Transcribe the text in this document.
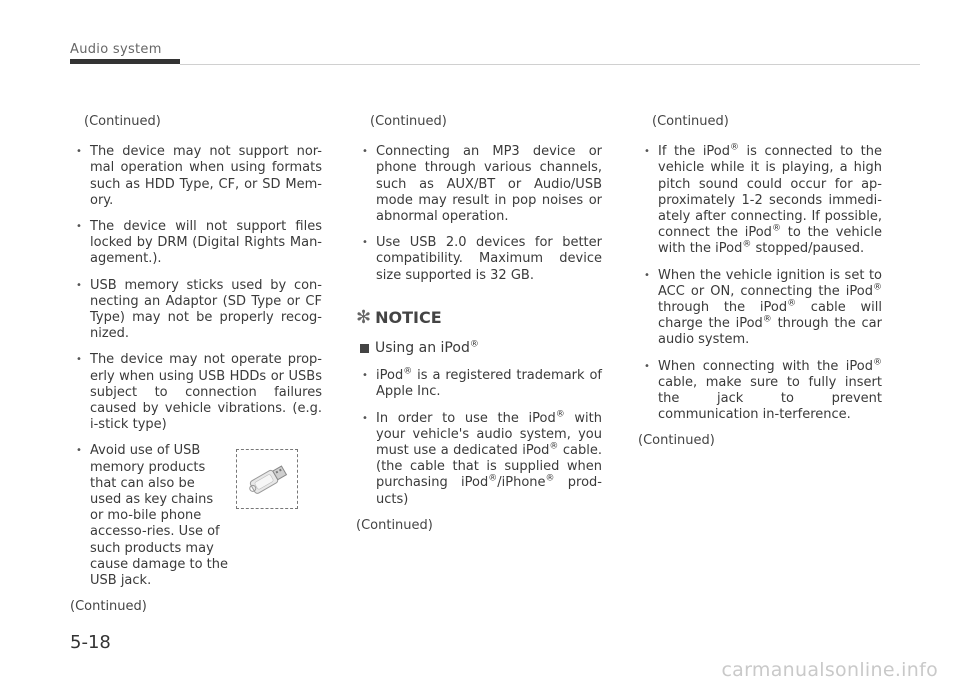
Audio system
(Continued)
• The device may not support nor-mal operation when using formats such as HDD Type, CF, or SD Mem-ory.
• The device will not support files locked by DRM (Digital Rights Man-agement.).
• USB memory sticks used by con-necting an Adaptor (SD Type or CF Type) may not be properly recog-nized.
• The device may not operate prop-erly when using USB HDDs or USBs subject to connection failures caused by vehicle vibrations. (e.g. i-stick type)
• Avoid use of USB memory products that can also be used as key chains or mo-bile phone accesso-ries. Use of such products may cause damage to the USB jack.
(Continued)
(Continued)
• Connecting an MP3 device or phone through various channels, such as AUX/BT or Audio/USB mode may result in pop noises or abnormal operation.
• Use USB 2.0 devices for better compatibility. Maximum device size supported is 32 GB.
✻ NOTICE
Using an iPod®
• iPod® is a registered trademark of Apple Inc.
• In order to use the iPod® with your vehicle's audio system, you must use a dedicated iPod® cable. (the cable that is supplied when purchasing iPod®/iPhone® prod-ucts)
(Continued)
(Continued)
• If the iPod® is connected to the vehicle while it is playing, a high pitch sound could occur for ap-proximately 1-2 seconds immedi-ately after connecting. If possible, connect the iPod® to the vehicle with the iPod® stopped/paused.
• When the vehicle ignition is set to ACC or ON, connecting the iPod® through the iPod® cable will charge the iPod® through the car audio system.
• When connecting with the iPod® cable, make sure to fully insert the jack to prevent communication in-terference.
(Continued)
5-18
carmanualsonline.info
